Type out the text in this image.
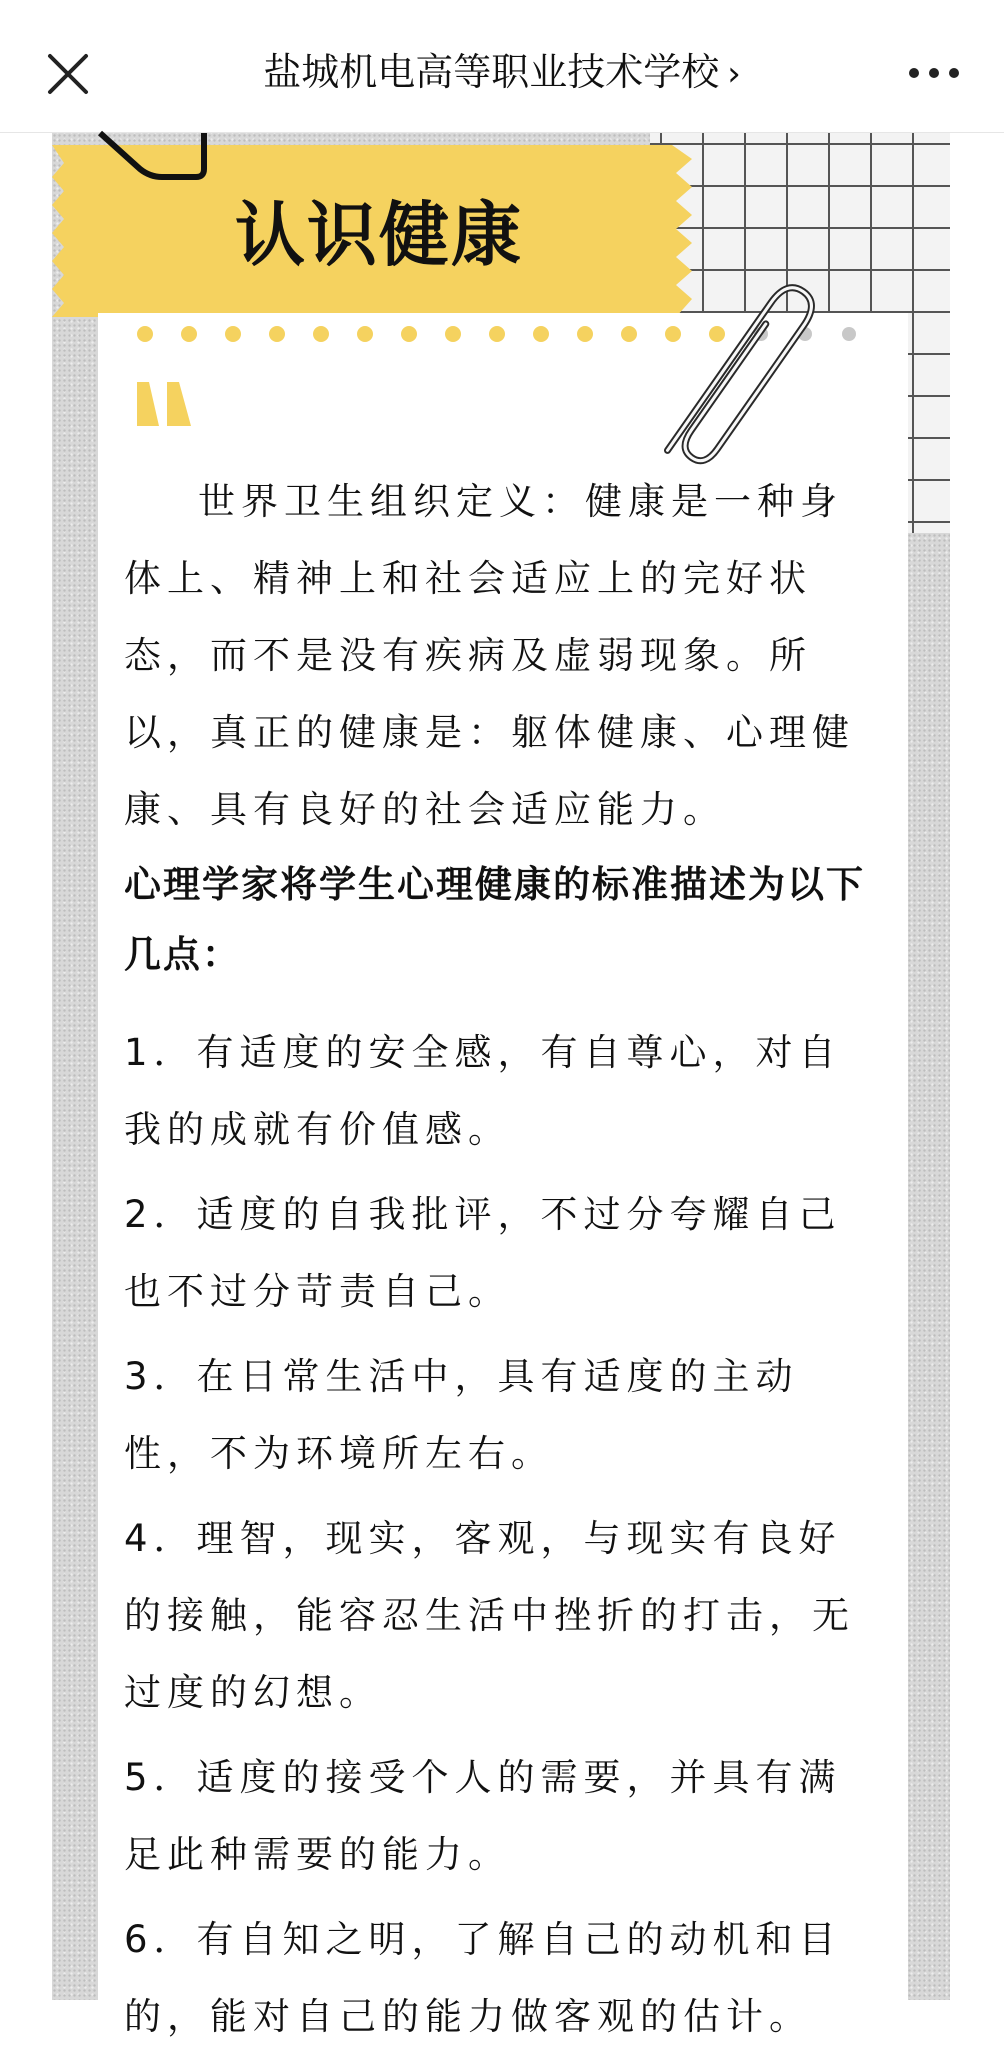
盐城机电高等职业技术学校 ›
认识健康

世界卫生组织定义：健康是一种身体上、精神上和社会适应上的完好状态，而不是没有疾病及虚弱现象。所以，真正的健康是：躯体健康、心理健康、具有良好的社会适应能力。

心理学家将学生心理健康的标准描述为以下几点：

1．有适度的安全感，有自尊心，对自我的成就有价值感。

2．适度的自我批评，不过分夸耀自己也不过分苛责自己。

3．在日常生活中，具有适度的主动性，不为环境所左右。

4．理智，现实，客观，与现实有良好的接触，能容忍生活中挫折的打击，无过度的幻想。

5．适度的接受个人的需要，并具有满足此种需要的能力。

6．有自知之明，了解自己的动机和目的，能对自己的能力做客观的估计。
